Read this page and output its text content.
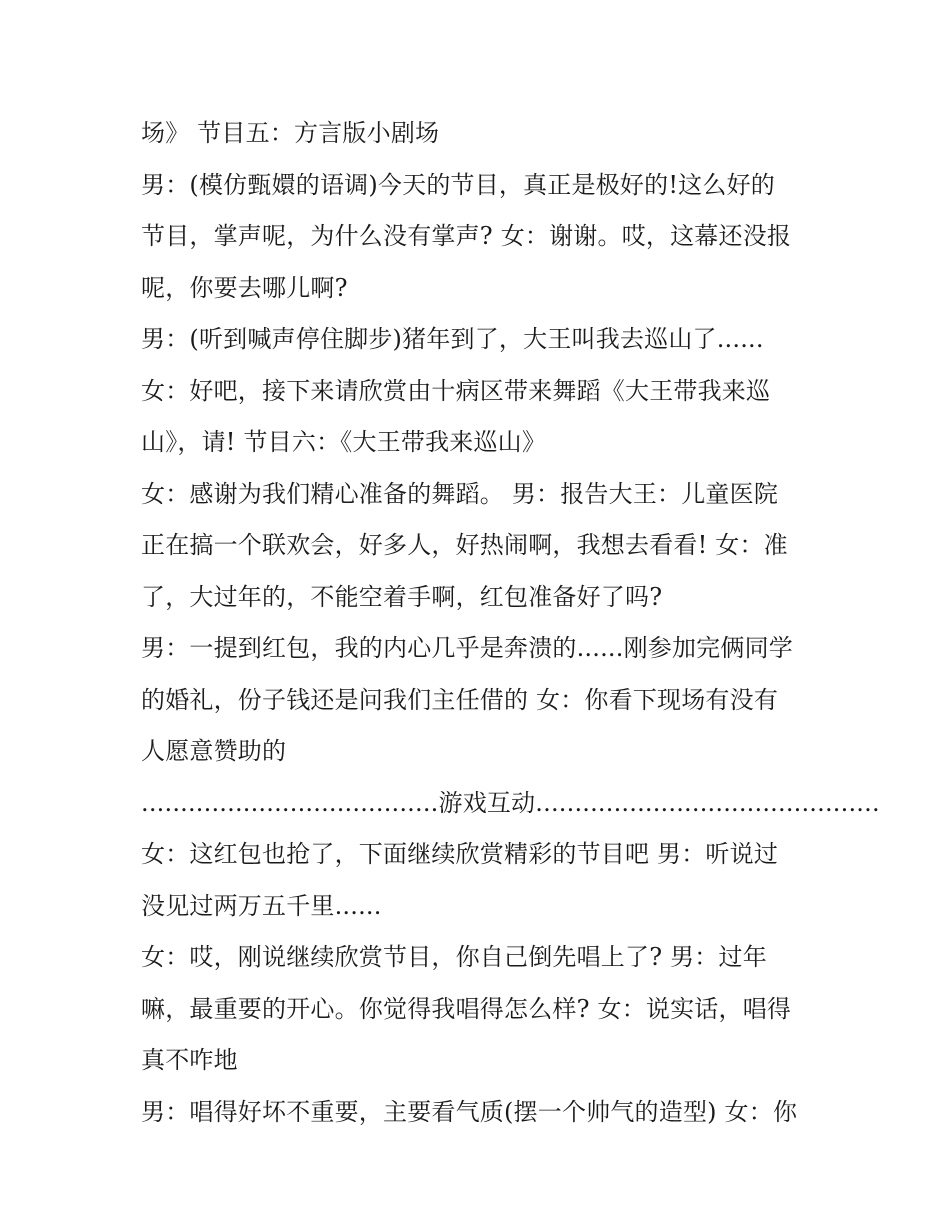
场》 节目五：方言版小剧场
男：(模仿甄嬛的语调)今天的节目，真正是极好的!这么好的
节目，掌声呢，为什么没有掌声? 女：谢谢。哎，这幕还没报
呢，你要去哪儿啊?
男：(听到喊声停住脚步)猪年到了，大王叫我去巡山了......
女：好吧，接下来请欣赏由十病区带来舞蹈《大王带我来巡
山》，请! 节目六：《大王带我来巡山》
女：感谢为我们精心准备的舞蹈。 男：报告大王：儿童医院
正在搞一个联欢会，好多人，好热闹啊，我想去看看! 女：准
了，大过年的，不能空着手啊，红包准备好了吗?
男：一提到红包，我的内心几乎是奔溃的......刚参加完俩同学
的婚礼，份子钱还是问我们主任借的 女：你看下现场有没有
人愿意赞助的
......................................游戏互动............................................
女：这红包也抢了，下面继续欣赏精彩的节目吧 男：听说过
没见过两万五千里......
女：哎，刚说继续欣赏节目，你自己倒先唱上了? 男：过年
嘛，最重要的开心。你觉得我唱得怎么样? 女：说实话，唱得
真不咋地
男：唱得好坏不重要，主要看气质(摆一个帅气的造型) 女：你
